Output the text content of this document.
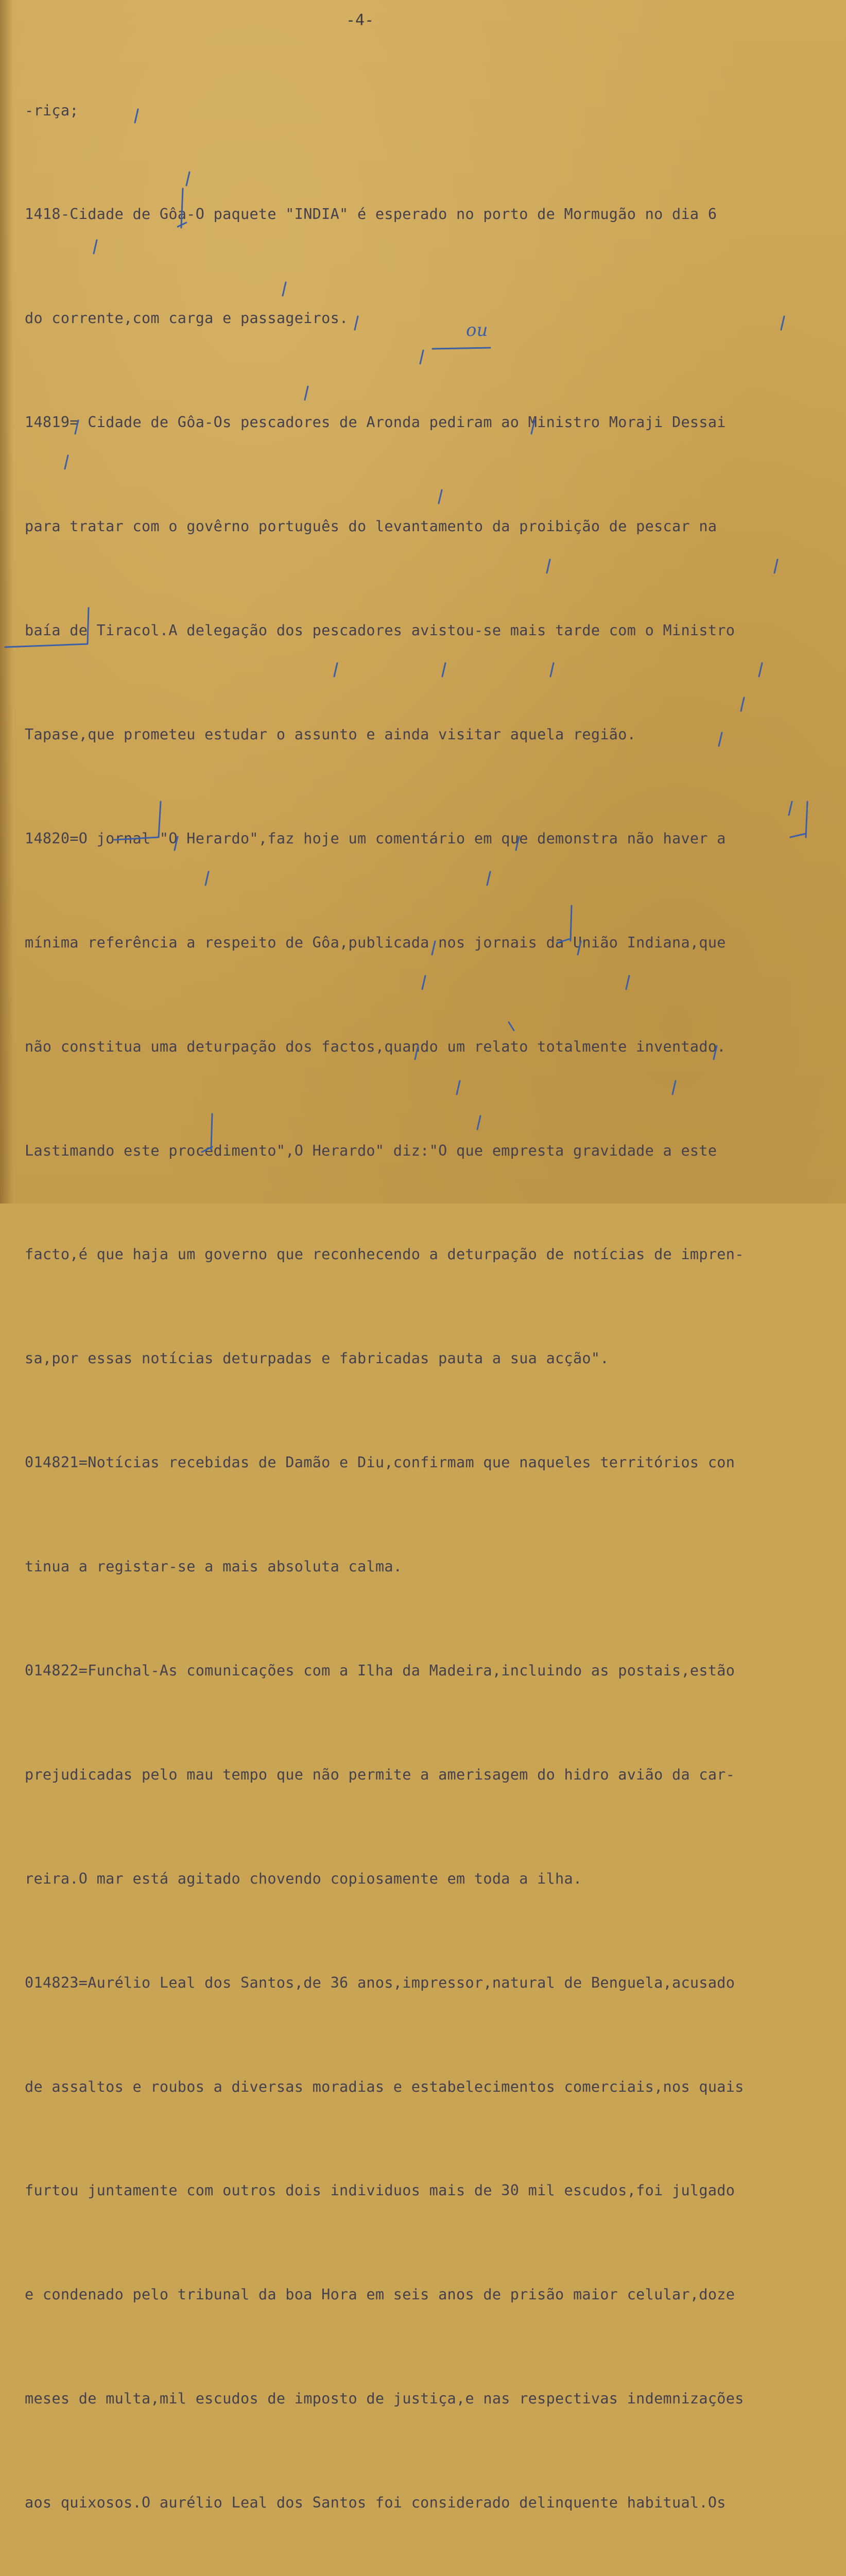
-4-

-riça;

1418-Cidade de Gôa-O paquete "INDIA" é esperado no porto de Mormugão no dia 6

do corrente,com carga e passageiros.

14819= Cidade de Gôa-Os pescadores de Aronda pediram ao Ministro Moraji Dessai

para tratar com o govêrno português do levantamento da proibição de pescar na

baía de Tiracol.A delegação dos pescadores avistou-se mais tarde com o Ministro

Tapase,que prometeu estudar o assunto e ainda visitar aquela região.

14820=O jornal "O Herardo",faz hoje um comentário em que demonstra não haver a

mínima referência a respeito de Gôa,publicada nos jornais da União Indiana,que

não constitua uma deturpação dos factos,quando um relato totalmente inventado.

Lastimando este procedimento",O Herardo" diz:"O que empresta gravidade a este

facto,é que haja um governo que reconhecendo a deturpação de notícias de impren-

sa,por essas notícias deturpadas e fabricadas pauta a sua acção".

014821=Notícias recebidas de Damão e Diu,confirmam que naqueles territórios con

tinua a registar-se a mais absoluta calma.

014822=Funchal-As comunicações com a Ilha da Madeira,incluindo as postais,estão

prejudicadas pelo mau tempo que não permite a amerisagem do hidro avião da car-

reira.O mar está agitado chovendo copiosamente em toda a ilha.

014823=Aurélio Leal dos Santos,de 36 anos,impressor,natural de Benguela,acusado

de assaltos e roubos a diversas moradias e estabelecimentos comerciais,nos quais

furtou juntamente com outros dois individuos mais de 30 mil escudos,foi julgado

e condenado pelo tribunal da boa Hora em seis anos de prisão maior celular,doze

meses de multa,mil escudos de imposto de justiça,e nas respectivas indemnizações

aos quixosos.O aurélio Leal dos Santos foi considerado delinquente habitual.Os

ou
